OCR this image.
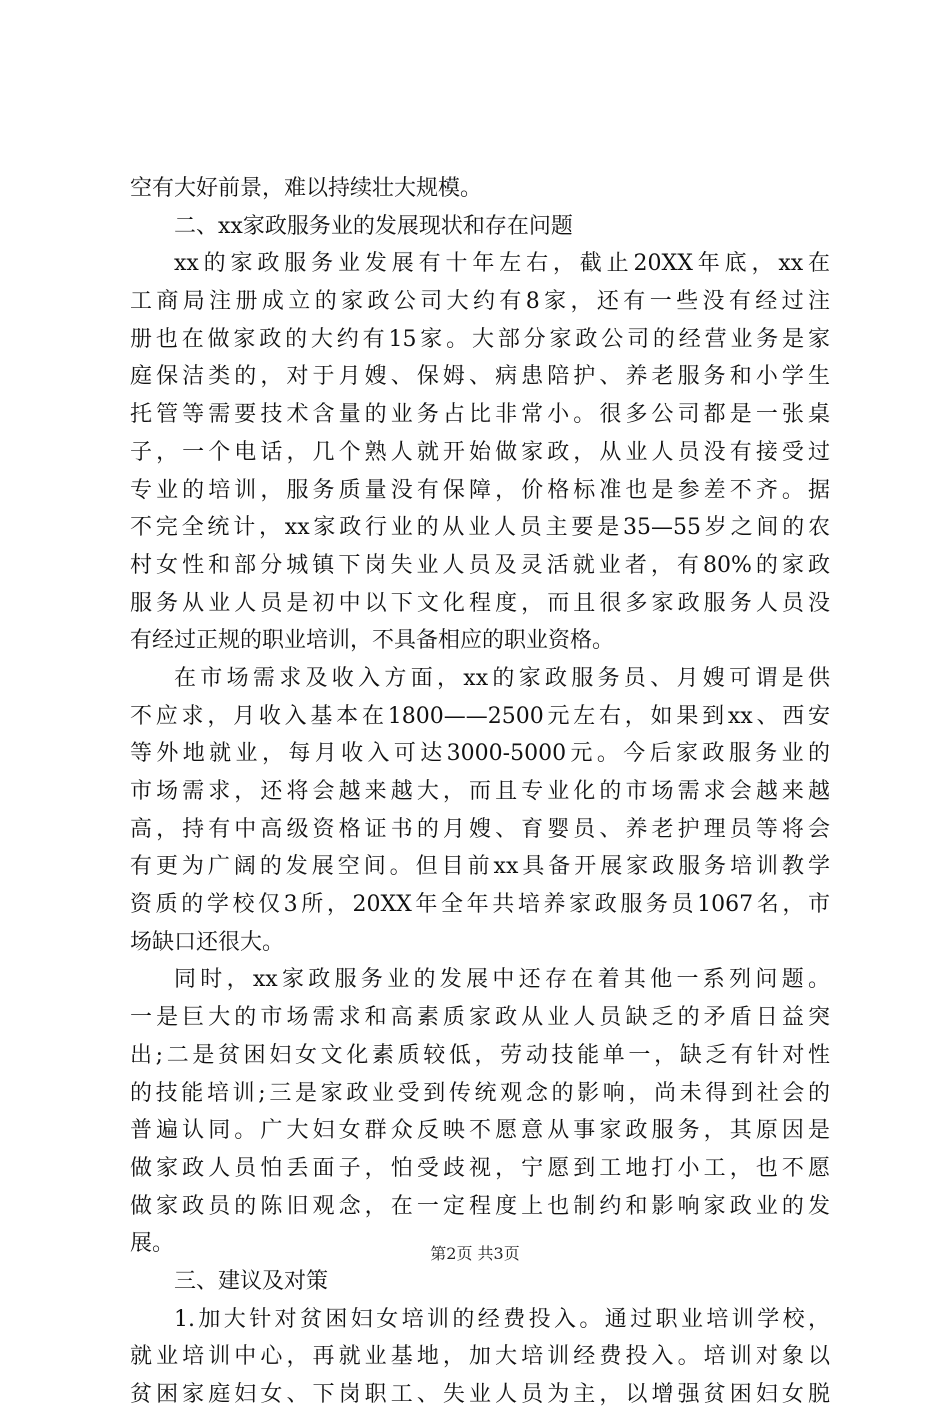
空有大好前景，难以持续壮大规模。
二、xx家政服务业的发展现状和存在问题
xx的家政服务业发展有十年左右，截止20XX年底，xx在
工商局注册成立的家政公司大约有8家，还有一些没有经过注
册也在做家政的大约有15家。大部分家政公司的经营业务是家
庭保洁类的，对于月嫂、保姆、病患陪护、养老服务和小学生
托管等需要技术含量的业务占比非常小。很多公司都是一张桌
子，一个电话，几个熟人就开始做家政，从业人员没有接受过
专业的培训，服务质量没有保障，价格标准也是参差不齐。据
不完全统计，xx家政行业的从业人员主要是35—55岁之间的农
村女性和部分城镇下岗失业人员及灵活就业者，有80%的家政
服务从业人员是初中以下文化程度，而且很多家政服务人员没
有经过正规的职业培训，不具备相应的职业资格。
在市场需求及收入方面，xx的家政服务员、月嫂可谓是供
不应求，月收入基本在1800——2500元左右，如果到xx、西安
等外地就业，每月收入可达3000-5000元。今后家政服务业的
市场需求，还将会越来越大，而且专业化的市场需求会越来越
高，持有中高级资格证书的月嫂、育婴员、养老护理员等将会
有更为广阔的发展空间。但目前xx具备开展家政服务培训教学
资质的学校仅3所，20XX年全年共培养家政服务员1067名，市
场缺口还很大。
同时，xx家政服务业的发展中还存在着其他一系列问题。
一是巨大的市场需求和高素质家政从业人员缺乏的矛盾日益突
出;二是贫困妇女文化素质较低，劳动技能单一，缺乏有针对性
的技能培训;三是家政业受到传统观念的影响，尚未得到社会的
普遍认同。广大妇女群众反映不愿意从事家政服务，其原因是
做家政人员怕丢面子，怕受歧视，宁愿到工地打小工，也不愿
做家政员的陈旧观念，在一定程度上也制约和影响家政业的发
展。
三、建议及对策
1.加大针对贫困妇女培训的经费投入。通过职业培训学校，
就业培训中心，再就业基地，加大培训经费投入。培训对象以
贫困家庭妇女、下岗职工、失业人员为主，以增强贫困妇女脱
第2页 共3页
